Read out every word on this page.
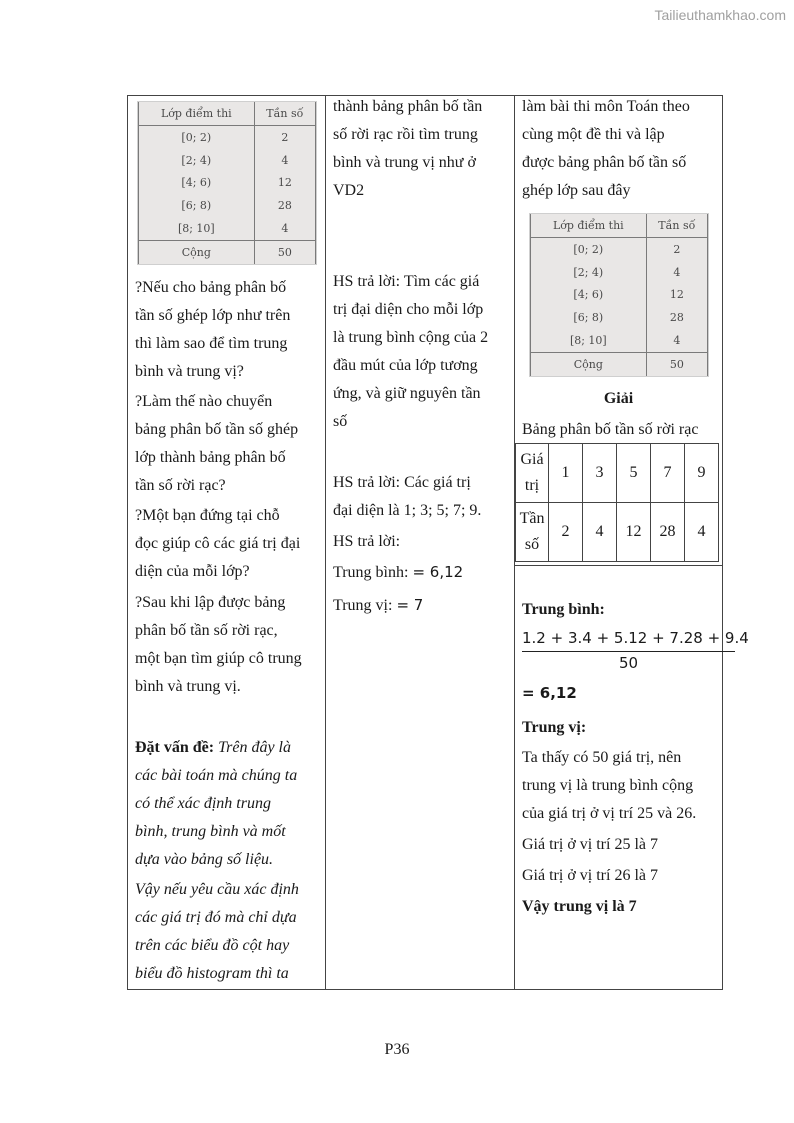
Tailieuthamkhao.com
Lớp điểm thi	Tần số
[0; 2)	2
[2; 4)	4
[4; 6)	12
[6; 8)	28
[8; 10]	4
Cộng	50

?Nếu cho bảng phân bố

tần số ghép lớp như trên

thì làm sao để tìm trung

bình và trung vị?

?Làm thế nào chuyển

bảng phân bố tần số ghép

lớp thành bảng phân bố

tần số rời rạc?

?Một bạn đứng tại chỗ

đọc giúp cô các giá trị đại

diện của mỗi lớp?

?Sau khi lập được bảng

phân bố tần số rời rạc,

một bạn tìm giúp cô trung

bình và trung vị.

Đặt vấn đề: Trên đây là

các bài toán mà chúng ta

có thể xác định trung

bình, trung bình và mốt

dựa vào bảng số liệu.

Vậy nếu yêu cầu xác định

các giá trị đó mà chỉ dựa

trên các biểu đồ cột hay

biểu đồ histogram thì ta

thành bảng phân bố tần

số rời rạc rồi tìm trung

bình và trung vị như ở

VD2

HS trả lời: Tìm các giá

trị đại diện cho mỗi lớp

là trung bình cộng của 2

đầu mút của lớp tương

ứng, và giữ nguyên tần

số

HS trả lời: Các giá trị

đại diện là 1; 3; 5; 7; 9.

HS trả lời:

Trung bình: = 6,12

Trung vị: = 7

làm bài thi môn Toán theo

cùng một đề thi và lập

được bảng phân bố tần số

ghép lớp sau đây

Lớp điểm thi	Tần số
[0; 2)	2
[2; 4)	4
[4; 6)	12
[6; 8)	28
[8; 10]	4
Cộng	50

Giải

Bảng phân bố tần số rời rạc

Giá
trị	1	3	5	7	9
Tần
số	2	4	12	28	4

Trung bình:

1.2 + 3.4 + 5.12 + 7.28 + 9.4

50

= 6,12

Trung vị:

Ta thấy có 50 giá trị, nên

trung vị là trung bình cộng

của giá trị ở vị trí 25 và 26.

Giá trị ở vị trí 25 là 7

Giá trị ở vị trí 26 là 7

Vậy trung vị là 7

P36
